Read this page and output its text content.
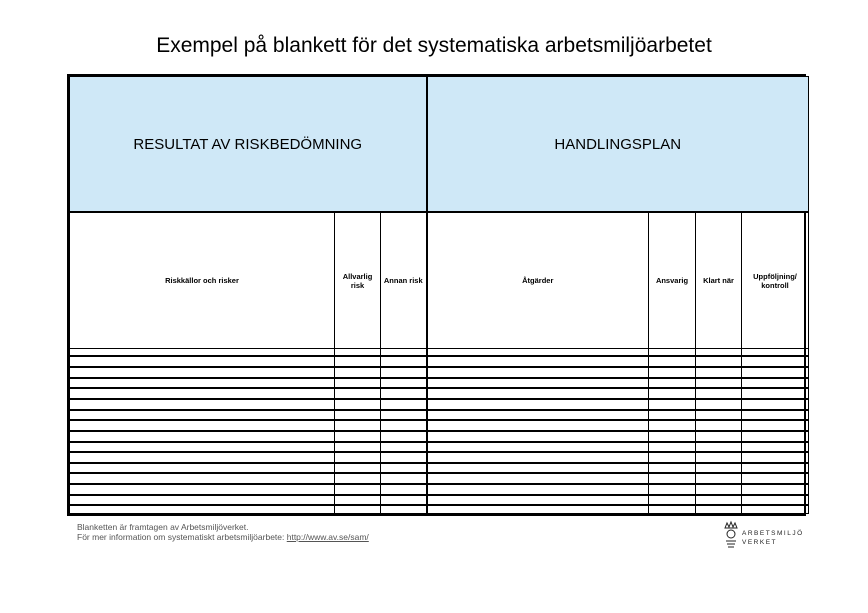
Exempel på blankett för det systematiska arbetsmiljöarbetet
RESULTAT AV RISKBEDÖMNING			HANDLINGSPLAN			
Riskkällor och risker	Allvarlig risk	Annan risk	Åtgärder	Ansvarig	Klart när	Uppföljning/ kontroll

Blanketten är framtagen av Arbetsmiljöverket.
För mer information om systematiskt arbetsmiljöarbete: http://www.av.se/sam/	ARBETSMILJÖ
VERKET
